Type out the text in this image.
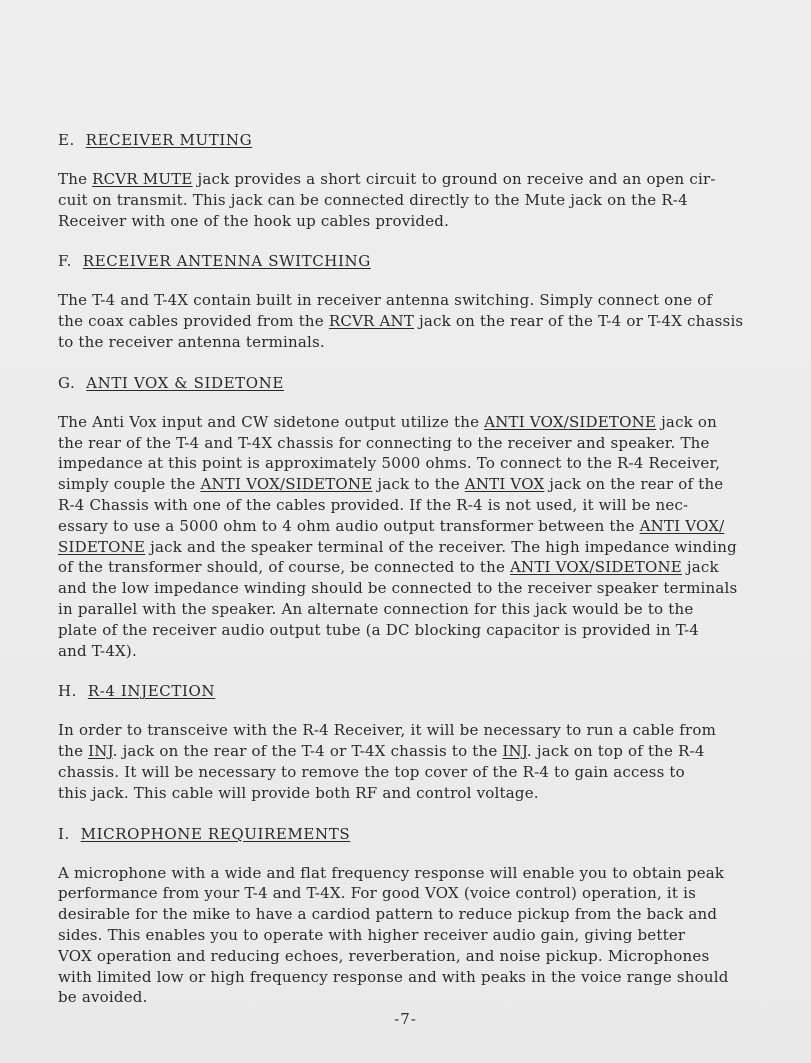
E. RECEIVER MUTING
The RCVR MUTE jack provides a short circuit to ground on receive and an open cir-
cuit on transmit. This jack can be connected directly to the Mute jack on the R-4
Receiver with one of the hook up cables provided.
F. RECEIVER ANTENNA SWITCHING
The T-4 and T-4X contain built in receiver antenna switching. Simply connect one of
the coax cables provided from the RCVR ANT jack on the rear of the T-4 or T-4X chassis
to the receiver antenna terminals.
G. ANTI VOX & SIDETONE
The Anti Vox input and CW sidetone output utilize the ANTI VOX/SIDETONE jack on
the rear of the T-4 and T-4X chassis for connecting to the receiver and speaker. The
impedance at this point is approximately 5000 ohms. To connect to the R-4 Receiver,
simply couple the ANTI VOX/SIDETONE jack to the ANTI VOX jack on the rear of the
R-4 Chassis with one of the cables provided. If the R-4 is not used, it will be nec-
essary to use a 5000 ohm to 4 ohm audio output transformer between the ANTI VOX/
SIDETONE jack and the speaker terminal of the receiver. The high impedance winding
of the transformer should, of course, be connected to the ANTI VOX/SIDETONE jack
and the low impedance winding should be connected to the receiver speaker terminals
in parallel with the speaker. An alternate connection for this jack would be to the
plate of the receiver audio output tube (a DC blocking capacitor is provided in T-4
and T-4X).
H. R-4 INJECTION
In order to transceive with the R-4 Receiver, it will be necessary to run a cable from
the INJ. jack on the rear of the T-4 or T-4X chassis to the INJ. jack on top of the R-4
chassis. It will be necessary to remove the top cover of the R-4 to gain access to
this jack. This cable will provide both RF and control voltage.
I. MICROPHONE REQUIREMENTS
A microphone with a wide and flat frequency response will enable you to obtain peak
performance from your T-4 and T-4X. For good VOX (voice control) operation, it is
desirable for the mike to have a cardiod pattern to reduce pickup from the back and
sides. This enables you to operate with higher receiver audio gain, giving better
VOX operation and reducing echoes, reverberation, and noise pickup. Microphones
with limited low or high frequency response and with peaks in the voice range should
be avoided.
-7-
